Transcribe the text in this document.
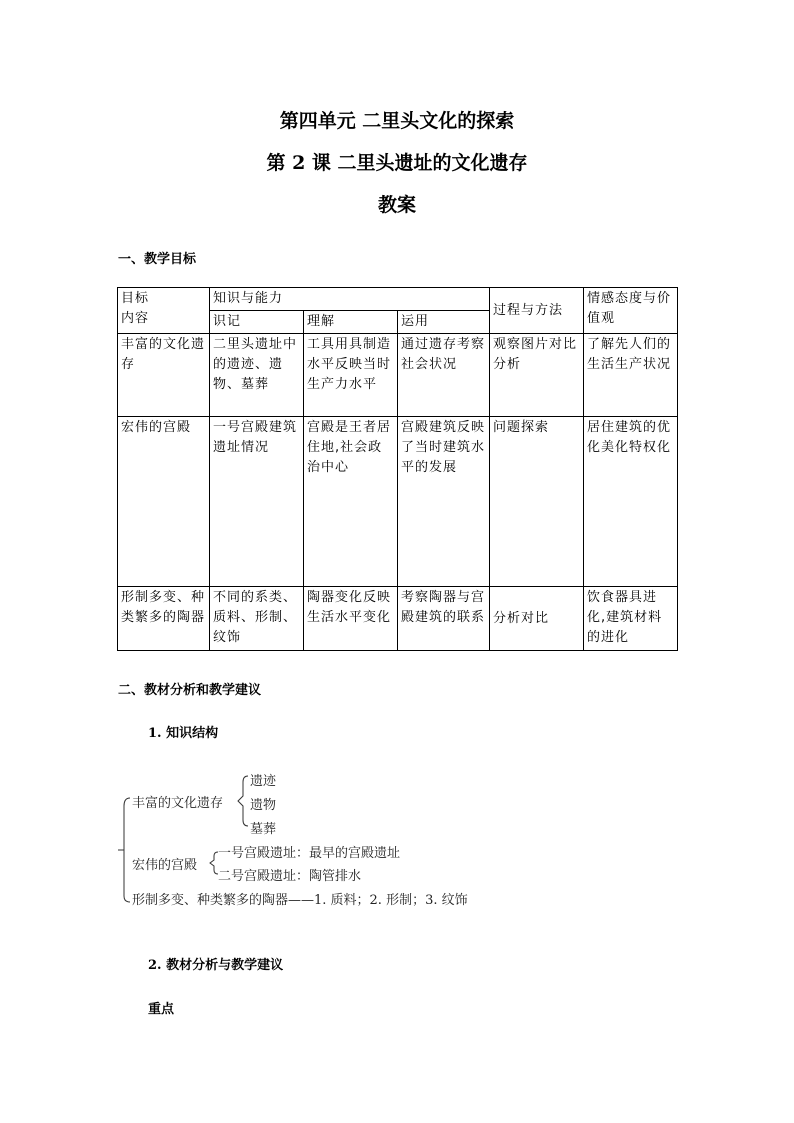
第四单元 二里头文化的探索
第 2 课 二里头遗址的文化遗存
教案
一、教学目标
目标
内容	知识与能力			过程与方法	情感态度与价值观
	识记	理解	运用		
丰富的文化遗存	二里头遗址中的遗迹、遗物、墓葬	工具用具制造水平反映当时生产力水平	通过遗存考察社会状况	观察图片对比分析	了解先人们的生活生产状况
宏伟的宫殿	一号宫殿建筑遗址情况	宫殿是王者居住地,社会政治中心	宫殿建筑反映了当时建筑水平的发展	问题探索	居住建筑的优化美化特权化
形制多变、种类繁多的陶器	不同的系类、质料、形制、纹饰	陶器变化反映生活水平变化	考察陶器与宫殿建筑的联系	分析对比	饮食器具进化,建筑材料的进化
二、教材分析和教学建议
1. 知识结构
丰富的文化遗存
遗迹
遗物
墓葬
宏伟的宫殿
一号宫殿遗址：最早的宫殿遗址
二号宫殿遗址：陶管排水
形制多变、种类繁多的陶器——1. 质料；2. 形制；3. 纹饰
2. 教材分析与教学建议
重点
